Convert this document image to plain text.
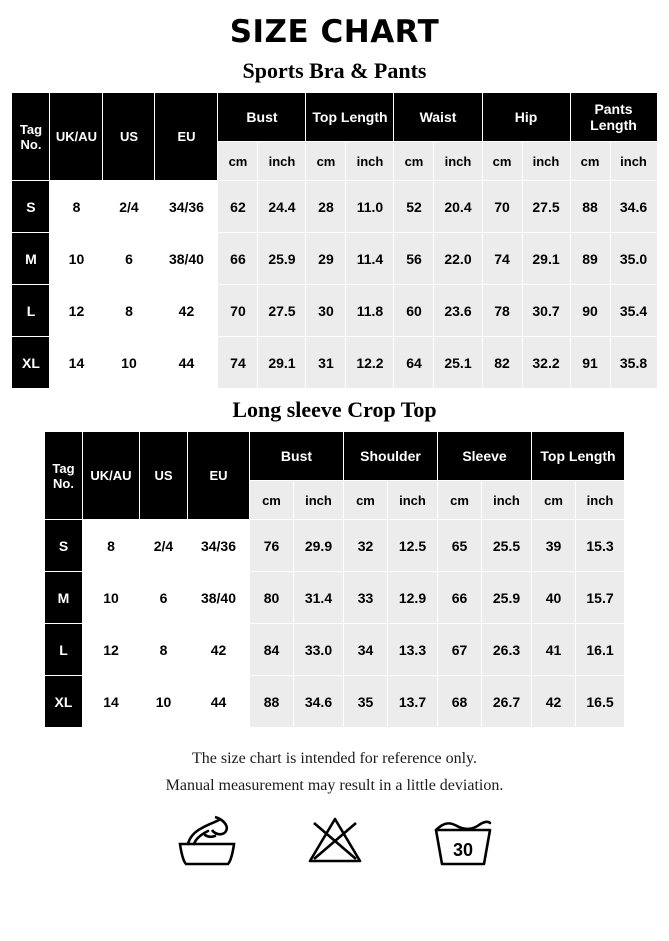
SIZE CHART
Sports Bra & Pants
Tag No.	UK/AU	US	EU	Bust		Top Length		Waist		Hip		Pants Length	
				cm	inch	cm	inch	cm	inch	cm	inch	cm	inch
S	8	2/4	34/36	62	24.4	28	11.0	52	20.4	70	27.5	88	34.6
M	10	6	38/40	66	25.9	29	11.4	56	22.0	74	29.1	89	35.0
L	12	8	42	70	27.5	30	11.8	60	23.6	78	30.7	90	35.4
XL	14	10	44	74	29.1	31	12.2	64	25.1	82	32.2	91	35.8
Long sleeve Crop Top
Tag No.	UK/AU	US	EU	Bust		Shoulder		Sleeve		Top Length	
				cm	inch	cm	inch	cm	inch	cm	inch
S	8	2/4	34/36	76	29.9	32	12.5	65	25.5	39	15.3
M	10	6	38/40	80	31.4	33	12.9	66	25.9	40	15.7
L	12	8	42	84	33.0	34	13.3	67	26.3	41	16.1
XL	14	10	44	88	34.6	35	13.7	68	26.7	42	16.5
The size chart is intended for reference only.
Manual measurement may result in a little deviation.
30
